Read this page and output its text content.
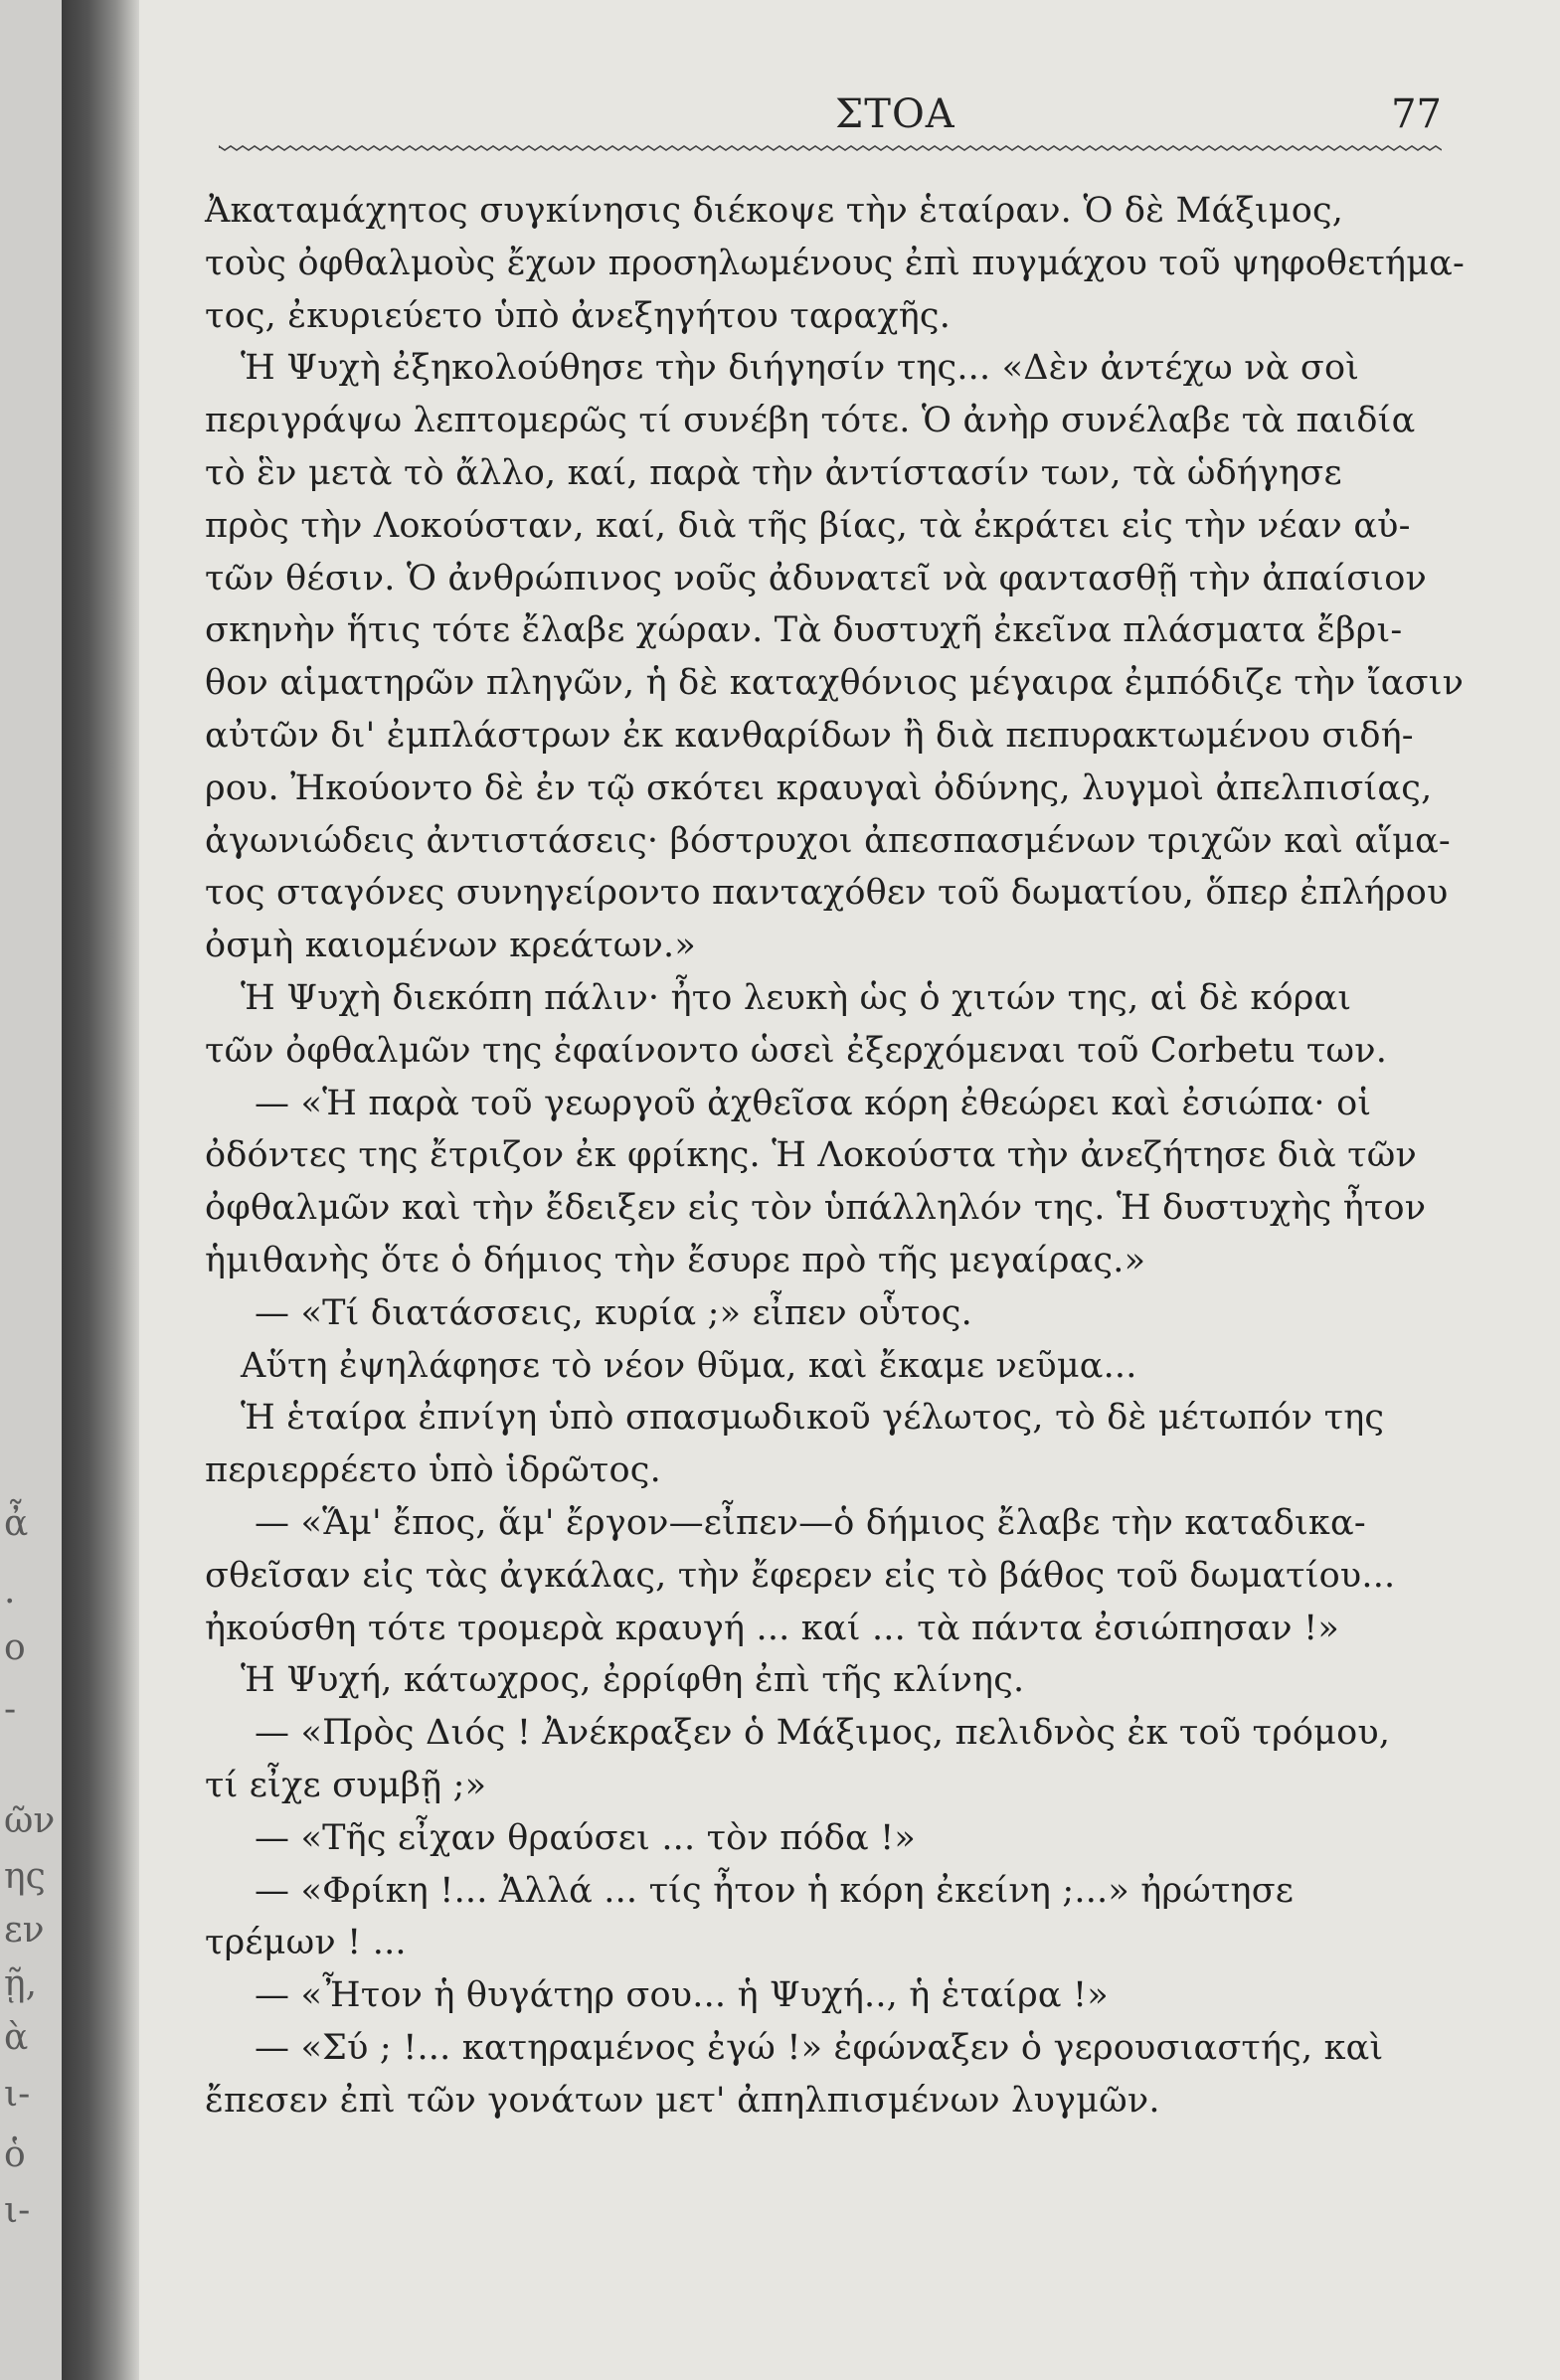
ἆ
.
ο
-
ῶν
ης
εν
ῇ,
ὰ
ι-
ὁ
ι-
ΣΤΟΑ	77
Ἀκαταμάχητος συγκίνησις διέκοψε τὴν ἑταίραν. Ὁ δὲ Μάξιμος,
τοὺς ὀφθαλμοὺς ἔχων προσηλωμένους ἐπὶ πυγμάχου τοῦ ψηφοθετήμα-
τος, ἐκυριεύετο ὑπὸ ἀνεξηγήτου ταραχῆς.
Ἡ Ψυχὴ ἐξηκολούθησε τὴν διήγησίν της... «Δὲν ἀντέχω νὰ σοὶ
περιγράψω λεπτομερῶς τί συνέβη τότε. Ὁ ἀνὴρ συνέλαβε τὰ παιδία
τὸ ἓν μετὰ τὸ ἄλλο, καί, παρὰ τὴν ἀντίστασίν των, τὰ ὡδήγησε
πρὸς τὴν Λοκούσταν, καί, διὰ τῆς βίας, τὰ ἐκράτει εἰς τὴν νέαν αὐ-
τῶν θέσιν. Ὁ ἀνθρώπινος νοῦς ἀδυνατεῖ νὰ φαντασθῇ τὴν ἀπαίσιον
σκηνὴν ἥτις τότε ἔλαβε χώραν. Τὰ δυστυχῆ ἐκεῖνα πλάσματα ἔβρι-
θον αἱματηρῶν πληγῶν, ἡ δὲ καταχθόνιος μέγαιρα ἐμπόδιζε τὴν ἴασιν
αὐτῶν δι' ἐμπλάστρων ἐκ κανθαρίδων ἢ διὰ πεπυρακτωμένου σιδή-
ρου. Ἠκούοντο δὲ ἐν τῷ σκότει κραυγαὶ ὀδύνης, λυγμοὶ ἀπελπισίας,
ἀγωνιώδεις ἀντιστάσεις· βόστρυχοι ἀπεσπασμένων τριχῶν καὶ αἵμα-
τος σταγόνες συνηγείροντο πανταχόθεν τοῦ δωματίου, ὅπερ ἐπλήρου
ὀσμὴ καιομένων κρεάτων.»
Ἡ Ψυχὴ διεκόπη πάλιν· ἦτο λευκὴ ὡς ὁ χιτών της, αἱ δὲ κόραι
τῶν ὀφθαλμῶν της ἐφαίνοντο ὡσεὶ ἐξερχόμεναι τοῦ Corbetu των.
— «Ἡ παρὰ τοῦ γεωργοῦ ἀχθεῖσα κόρη ἐθεώρει καὶ ἐσιώπα· οἱ
ὀδόντες της ἔτριζον ἐκ φρίκης. Ἡ Λοκούστα τὴν ἀνεζήτησε διὰ τῶν
ὀφθαλμῶν καὶ τὴν ἔδειξεν εἰς τὸν ὑπάλληλόν της. Ἡ δυστυχὴς ἦτον
ἡμιθανὴς ὅτε ὁ δήμιος τὴν ἔσυρε πρὸ τῆς μεγαίρας.»
— «Τί διατάσσεις, κυρία ;» εἶπεν οὗτος.
Αὕτη ἐψηλάφησε τὸ νέον θῦμα, καὶ ἔκαμε νεῦμα...
Ἡ ἑταίρα ἐπνίγη ὑπὸ σπασμωδικοῦ γέλωτος, τὸ δὲ μέτωπόν της
περιερρέετο ὑπὸ ἱδρῶτος.
— «Ἅμ' ἔπος, ἅμ' ἔργον—εἶπεν—ὁ δήμιος ἔλαβε τὴν καταδικα-
σθεῖσαν εἰς τὰς ἀγκάλας, τὴν ἔφερεν εἰς τὸ βάθος τοῦ δωματίου...
ἠκούσθη τότε τρομερὰ κραυγή ... καί ... τὰ πάντα ἐσιώπησαν !»
Ἡ Ψυχή, κάτωχρος, ἐρρίφθη ἐπὶ τῆς κλίνης.
— «Πρὸς Διός ! Ἀνέκραξεν ὁ Μάξιμος, πελιδνὸς ἐκ τοῦ τρόμου,
τί εἶχε συμβῇ ;»
— «Τῆς εἶχαν θραύσει ... τὸν πόδα !»
— «Φρίκη !... Ἀλλά ... τίς ἦτον ἡ κόρη ἐκείνη ;...» ἠρώτησε
τρέμων ! ...
— «Ἦτον ἡ θυγάτηρ σου... ἡ Ψυχή.., ἡ ἑταίρα !»
— «Σύ ; !... κατηραμένος ἐγώ !» ἐφώναξεν ὁ γερουσιαστής, καὶ
ἔπεσεν ἐπὶ τῶν γονάτων μετ' ἀπηλπισμένων λυγμῶν.
